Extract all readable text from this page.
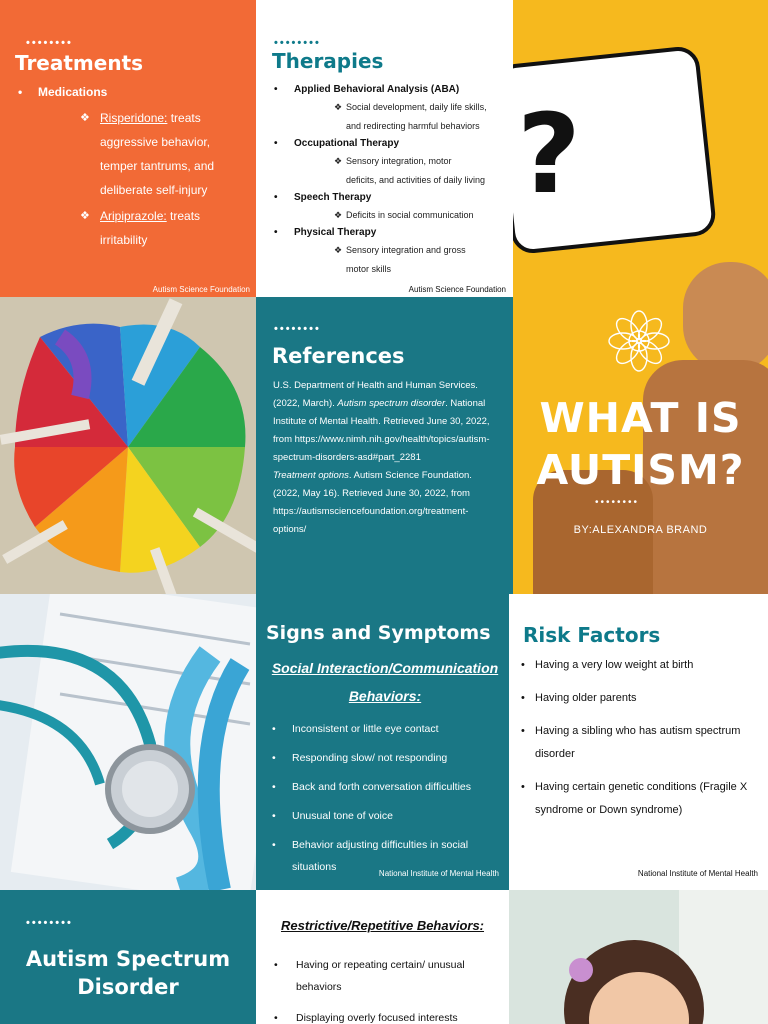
••••••••
Treatments
• Medications
❖ Risperidone: treats
aggressive behavior,
temper tantrums, and
deliberate self-injury
❖ Aripiprazole: treats
irritability
Autism Science Foundation
••••••••
Therapies
• Applied Behavioral Analysis (ABA)
❖ Social development, daily life skills,
and redirecting harmful behaviors
• Occupational Therapy
❖ Sensory integration, motor
deficits, and activities of daily living
• Speech Therapy
❖ Deficits in social communication
• Physical Therapy
❖ Sensory integration and gross
motor skills
Autism Science Foundation
?
WHAT IS
AUTISM?
••••••••
BY:ALEXANDRA BRAND
••••••••
References

U.S. Department of Health and Human Services. (2022, March). Autism spectrum disorder. National Institute of Mental Health. Retrieved June 30, 2022, from https://www.nimh.nih.gov/health/topics/autism-spectrum-disorders-asd#part_2281

Treatment options. Autism Science Foundation. (2022, May 16). Retrieved June 30, 2022, from https://autismsciencefoundation.org/treatment-options/

Signs and Symptoms
Social Interaction/Communication Behaviors:
• Inconsistent or little eye contact
• Responding slow/ not responding
• Back and forth conversation difficulties
• Unusual tone of voice
• Behavior adjusting difficulties in social situations
National Institute of Mental Health
Risk Factors
• Having a very low weight at birth
• Having older parents
• Having a sibling who has autism spectrum disorder
• Having certain genetic conditions (Fragile X syndrome or Down syndrome)
National Institute of Mental Health
••••••••
Autism Spectrum
Disorder
Restrictive/Repetitive Behaviors:
• Having or repeating certain/ unusual behaviors
• Displaying overly focused interests
